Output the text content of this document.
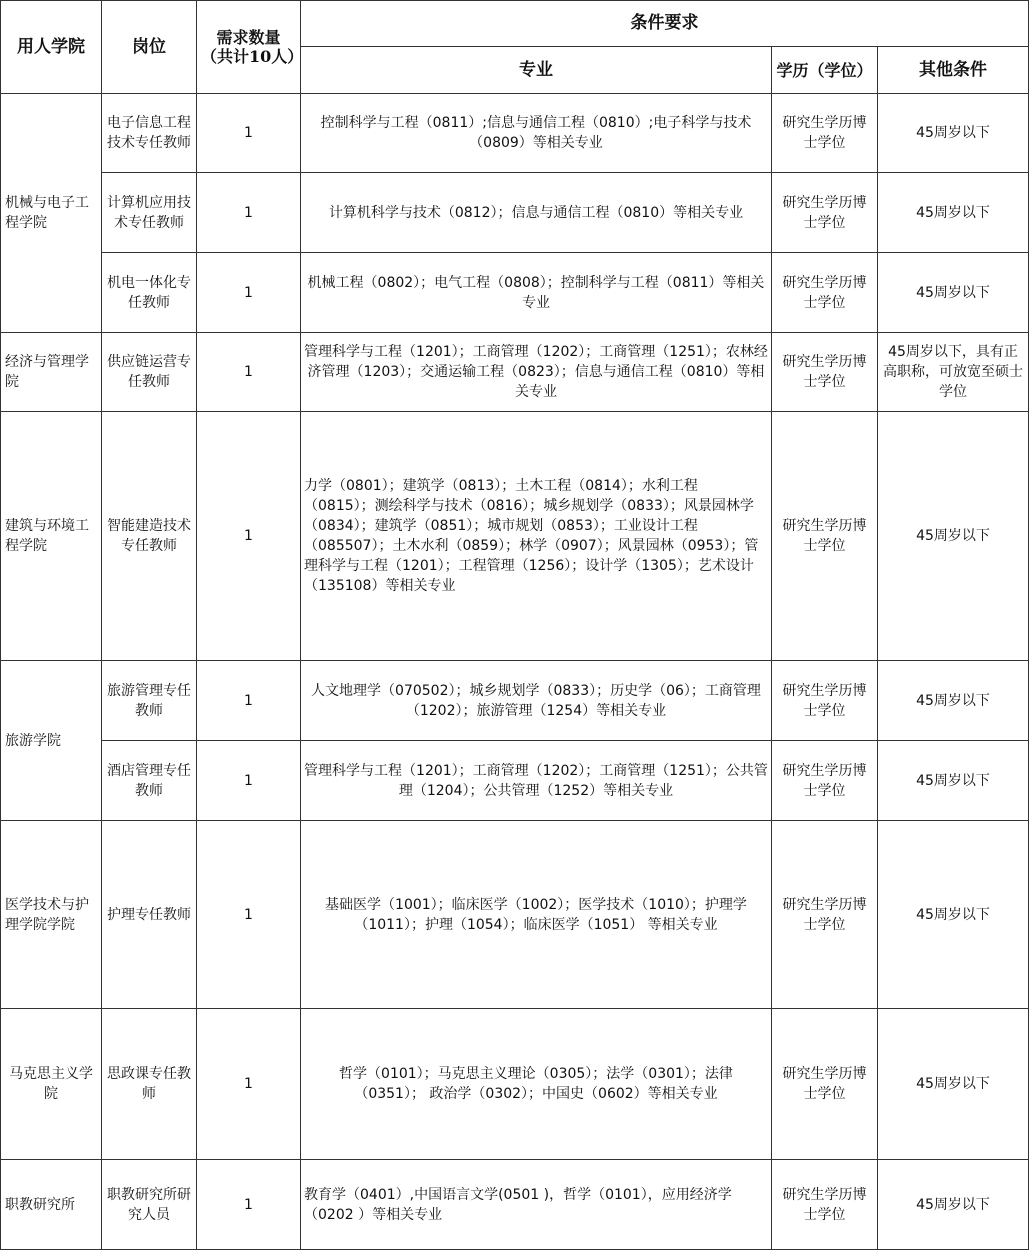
用人学院	岗位	需求数量（共计10人）	条件要求		
			专业	学历（学位）	其他条件
机械与电子工程学院	电子信息工程技术专任教师	1	控制科学与工程（0811）;信息与通信工程（0810）;电子科学与技术（0809）等相关专业	研究生学历博士学位	45周岁以下
	计算机应用技术专任教师	1	计算机科学与技术（0812）；信息与通信工程（0810）等相关专业	研究生学历博士学位	45周岁以下
	机电一体化专任教师	1	机械工程（0802）；电气工程（0808）；控制科学与工程（0811）等相关专业	研究生学历博士学位	45周岁以下
经济与管理学院	供应链运营专任教师	1	管理科学与工程（1201）；工商管理（1202）；工商管理（1251）；农林经济管理（1203）；交通运输工程（0823）；信息与通信工程（0810）等相关专业	研究生学历博士学位	45周岁以下，具有正高职称，可放宽至硕士学位
建筑与环境工程学院	智能建造技术专任教师	1	力学（0801）；建筑学（0813）；土木工程（0814）；水利工程（0815）；测绘科学与技术（0816）；城乡规划学（0833）；风景园林学（0834）；建筑学（0851）；城市规划（0853）；工业设计工程（085507）；土木水利（0859）；林学（0907）；风景园林（0953）；管理科学与工程（1201）；工程管理（1256）；设计学（1305）；艺术设计（135108）等相关专业	研究生学历博士学位	45周岁以下
旅游学院	旅游管理专任教师	1	人文地理学（070502）；城乡规划学（0833）；历史学（06）；工商管理（1202）；旅游管理（1254）等相关专业	研究生学历博士学位	45周岁以下
	酒店管理专任教师	1	管理科学与工程（1201）；工商管理（1202）；工商管理（1251）；公共管理（1204）；公共管理（1252）等相关专业	研究生学历博士学位	45周岁以下
医学技术与护理学院学院	护理专任教师	1	基础医学（1001）；临床医学（1002）；医学技术（1010）；护理学（1011）；护理（1054）；临床医学（1051） 等相关专业	研究生学历博士学位	45周岁以下
马克思主义学院	思政课专任教师	1	哲学（0101）；马克思主义理论（0305）；法学（0301）；法律（0351）； 政治学（0302）；中国史（0602）等相关专业	研究生学历博士学位	45周岁以下
职教研究所	职教研究所研究人员	1	教育学（0401）,中国语言文学(0501 )，哲学（0101），应用经济学（0202 ）等相关专业	研究生学历博士学位	45周岁以下
